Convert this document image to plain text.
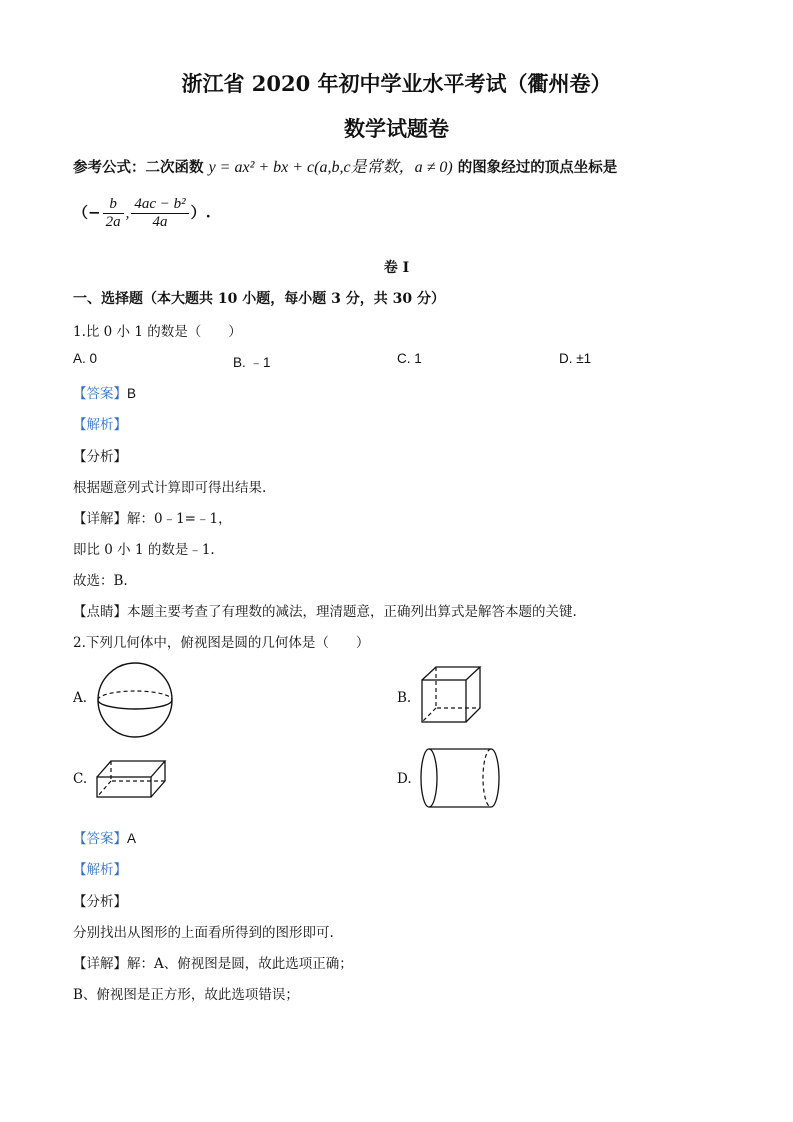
浙江省 2020 年初中学业水平考试（衢州卷）
数学试题卷
参考公式：二次函数 y = ax² + bx + c(a,b,c是常数，a ≠ 0) 的图象经过的顶点坐标是
（− $\frac{b}{2a}$ , $\frac{\text{4ac − b²}}{4a}$ ）.
卷 I
一、选择题（本大题共 10 小题，每小题 3 分，共 30 分）
1.比 0 小 1 的数是（　　）
A. 0	B. ﹣1	C. 1	D. ±1
【答案】B
【解析】
【分析】
根据题意列式计算即可得出结果.
【详解】解：0﹣1=﹣1，
即比 0 小 1 的数是﹣1.
故选：B.
【点睛】本题主要考查了有理数的减法，理清题意，正确列出算式是解答本题的关键.
2.下列几何体中，俯视图是圆的几何体是（　　）
A.	B.
C.	D.
【答案】A
【解析】
【分析】
分别找出从图形的上面看所得到的图形即可.
【详解】解：A、俯视图是圆，故此选项正确；
B、俯视图是正方形，故此选项错误；
